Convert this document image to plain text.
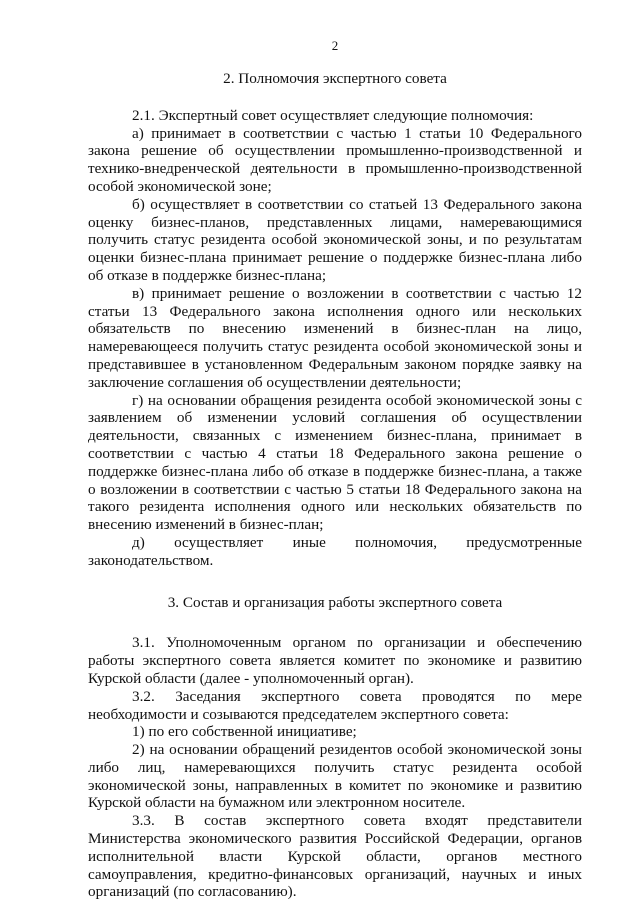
2
2. Полномочия экспертного совета

2.1. Экспертный совет осуществляет следующие полномочия:

а) принимает в соответствии с частью 1 статьи 10 Федерального закона решение об осуществлении промышленно-производственной и технико-внедренческой деятельности в промышленно-производственной особой экономической зоне;

б) осуществляет в соответствии со статьей 13 Федерального закона оценку бизнес-планов, представленных лицами, намеревающимися получить статус резидента особой экономической зоны, и по результатам оценки бизнес-плана принимает решение о поддержке бизнес-плана либо об отказе в поддержке бизнес-плана;

в) принимает решение о возложении в соответствии с частью 12 статьи 13 Федерального закона исполнения одного или нескольких обязательств по внесению изменений в бизнес-план на лицо, намеревающееся получить статус резидента особой экономической зоны и представившее в установленном Федеральным законом порядке заявку на заключение соглашения об осуществлении деятельности;

г) на основании обращения резидента особой экономической зоны с заявлением об изменении условий соглашения об осуществлении деятельности, связанных с изменением бизнес-плана, принимает в соответствии с частью 4 статьи 18 Федерального закона решение о поддержке бизнес-плана либо об отказе в поддержке бизнес-плана, а также о возложении в соответствии с частью 5 статьи 18 Федерального закона на такого резидента исполнения одного или нескольких обязательств по внесению изменений в бизнес-план;

д) осуществляет иные полномочия, предусмотренные законодательством.

3. Состав и организация работы экспертного совета

3.1. Уполномоченным органом по организации и обеспечению работы экспертного совета является комитет по экономике и развитию Курской области (далее - уполномоченный орган).

3.2. Заседания экспертного совета проводятся по мере необходимости и созываются председателем экспертного совета:

1) по его собственной инициативе;

2) на основании обращений резидентов особой экономической зоны либо лиц, намеревающихся получить статус резидента особой экономической зоны, направленных в комитет по экономике и развитию Курской области на бумажном или электронном носителе.

3.3. В состав экспертного совета входят представители Министерства экономического развития Российской Федерации, органов исполнительной власти Курской области, органов местного самоуправления, кредитно-финансовых организаций, научных и иных организаций (по согласованию).
